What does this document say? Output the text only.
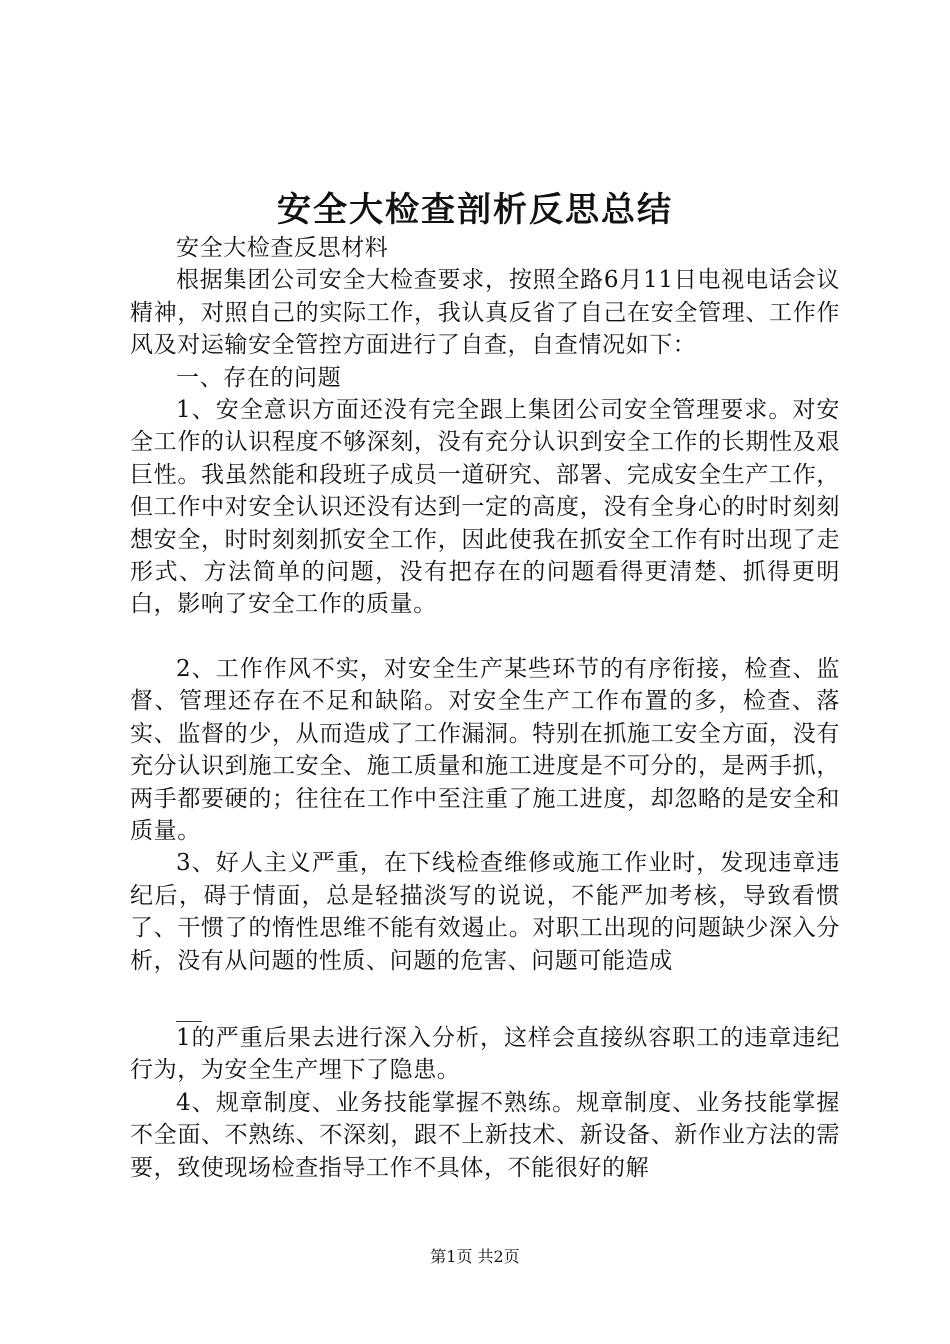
安全大检查剖析反思总结

安全大检查反思材料

根据集团公司安全大检查要求，按照全路6月11日电视电话会议精神，对照自己的实际工作，我认真反省了自己在安全管理、工作作风及对运输安全管控方面进行了自查，自查情况如下：

一、存在的问题

1、安全意识方面还没有完全跟上集团公司安全管理要求。对安全工作的认识程度不够深刻，没有充分认识到安全工作的长期性及艰巨性。我虽然能和段班子成员一道研究、部署、完成安全生产工作，但工作中对安全认识还没有达到一定的高度，没有全身心的时时刻刻想安全，时时刻刻抓安全工作，因此使我在抓安全工作有时出现了走形式、方法简单的问题，没有把存在的问题看得更清楚、抓得更明白，影响了安全工作的质量。

2、工作作风不实，对安全生产某些环节的有序衔接，检查、监督、管理还存在不足和缺陷。对安全生产工作布置的多，检查、落实、监督的少，从而造成了工作漏洞。特别在抓施工安全方面，没有充分认识到施工安全、施工质量和施工进度是不可分的，是两手抓，两手都要硬的；往往在工作中至注重了施工进度，却忽略的是安全和质量。

3、好人主义严重，在下线检查维修或施工作业时，发现违章违纪后，碍于情面，总是轻描淡写的说说，不能严加考核，导致看惯了、干惯了的惰性思维不能有效遏止。对职工出现的问题缺少深入分析，没有从问题的性质、问题的危害、问题可能造成

1的严重后果去进行深入分析，这样会直接纵容职工的违章违纪行为，为安全生产埋下了隐患。

4、规章制度、业务技能掌握不熟练。规章制度、业务技能掌握不全面、不熟练、不深刻，跟不上新技术、新设备、新作业方法的需要，致使现场检查指导工作不具体，不能很好的解

第1页 共2页
